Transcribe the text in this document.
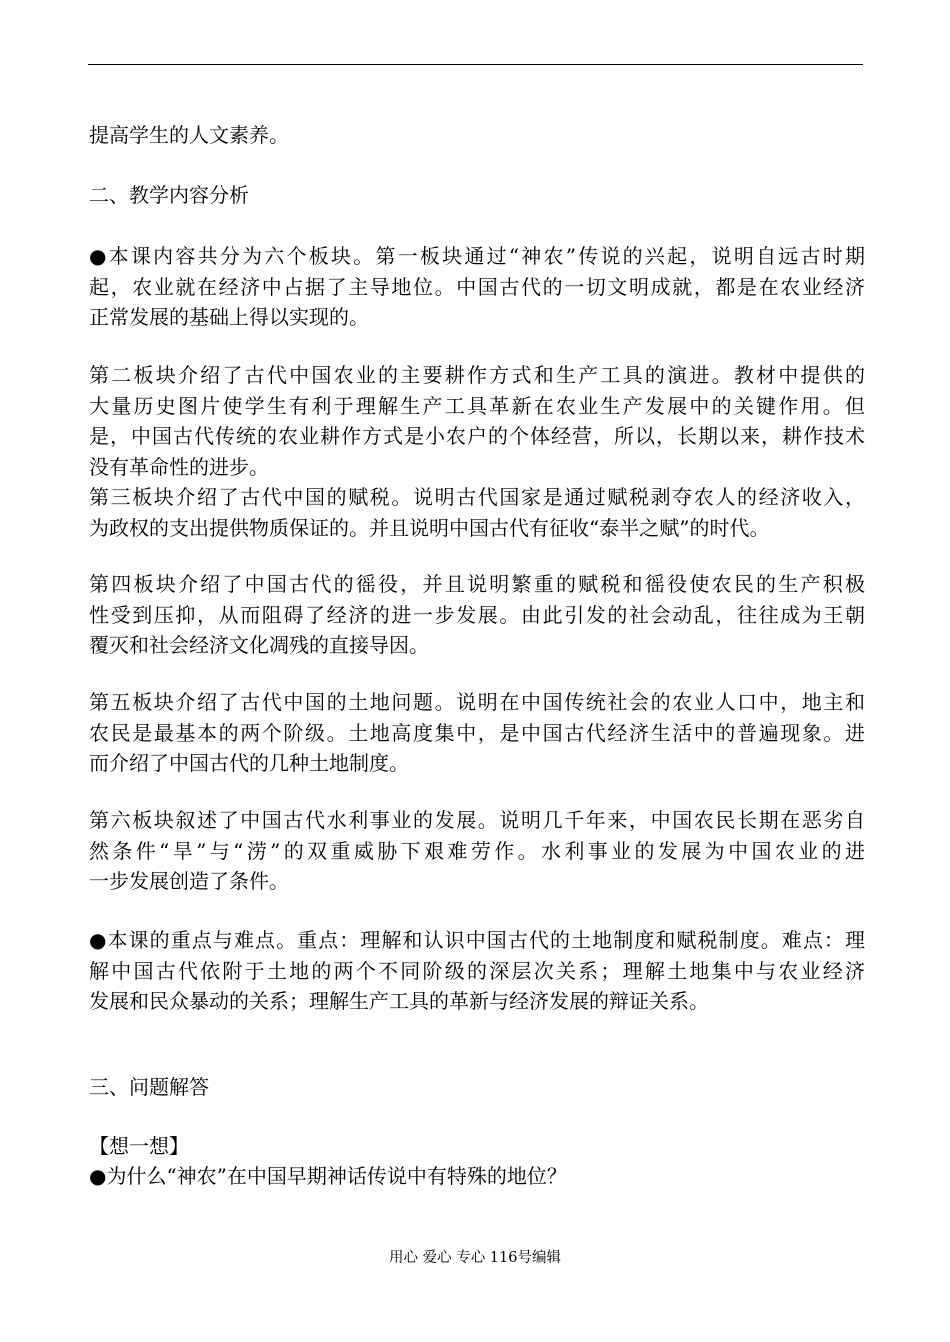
提高学生的人文素养。
二、教学内容分析
●本课内容共分为六个板块。第一板块通过“神农”传说的兴起，说明自远古时期
起，农业就在经济中占据了主导地位。中国古代的一切文明成就，都是在农业经济
正常发展的基础上得以实现的。
第二板块介绍了古代中国农业的主要耕作方式和生产工具的演进。教材中提供的
大量历史图片使学生有利于理解生产工具革新在农业生产发展中的关键作用。但
是，中国古代传统的农业耕作方式是小农户的个体经营，所以，长期以来，耕作技术
没有革命性的进步。
第三板块介绍了古代中国的赋税。说明古代国家是通过赋税剥夺农人的经济收入，
为政权的支出提供物质保证的。并且说明中国古代有征收“泰半之赋”的时代。
第四板块介绍了中国古代的徭役，并且说明繁重的赋税和徭役使农民的生产积极
性受到压抑，从而阻碍了经济的进一步发展。由此引发的社会动乱，往往成为王朝
覆灭和社会经济文化凋残的直接导因。
第五板块介绍了古代中国的土地问题。说明在中国传统社会的农业人口中，地主和
农民是最基本的两个阶级。土地高度集中，是中国古代经济生活中的普遍现象。进
而介绍了中国古代的几种土地制度。
第六板块叙述了中国古代水利事业的发展。说明几千年来，中国农民长期在恶劣自
然条件“旱”与“涝”的双重威胁下艰难劳作。水利事业的发展为中国农业的进
一步发展创造了条件。
●本课的重点与难点。重点：理解和认识中国古代的土地制度和赋税制度。难点：理
解中国古代依附于土地的两个不同阶级的深层次关系；理解土地集中与农业经济
发展和民众暴动的关系；理解生产工具的革新与经济发展的辩证关系。
三、问题解答
【想一想】
●为什么“神农”在中国早期神话传说中有特殊的地位？
用心 爱心 专心 116号编辑
